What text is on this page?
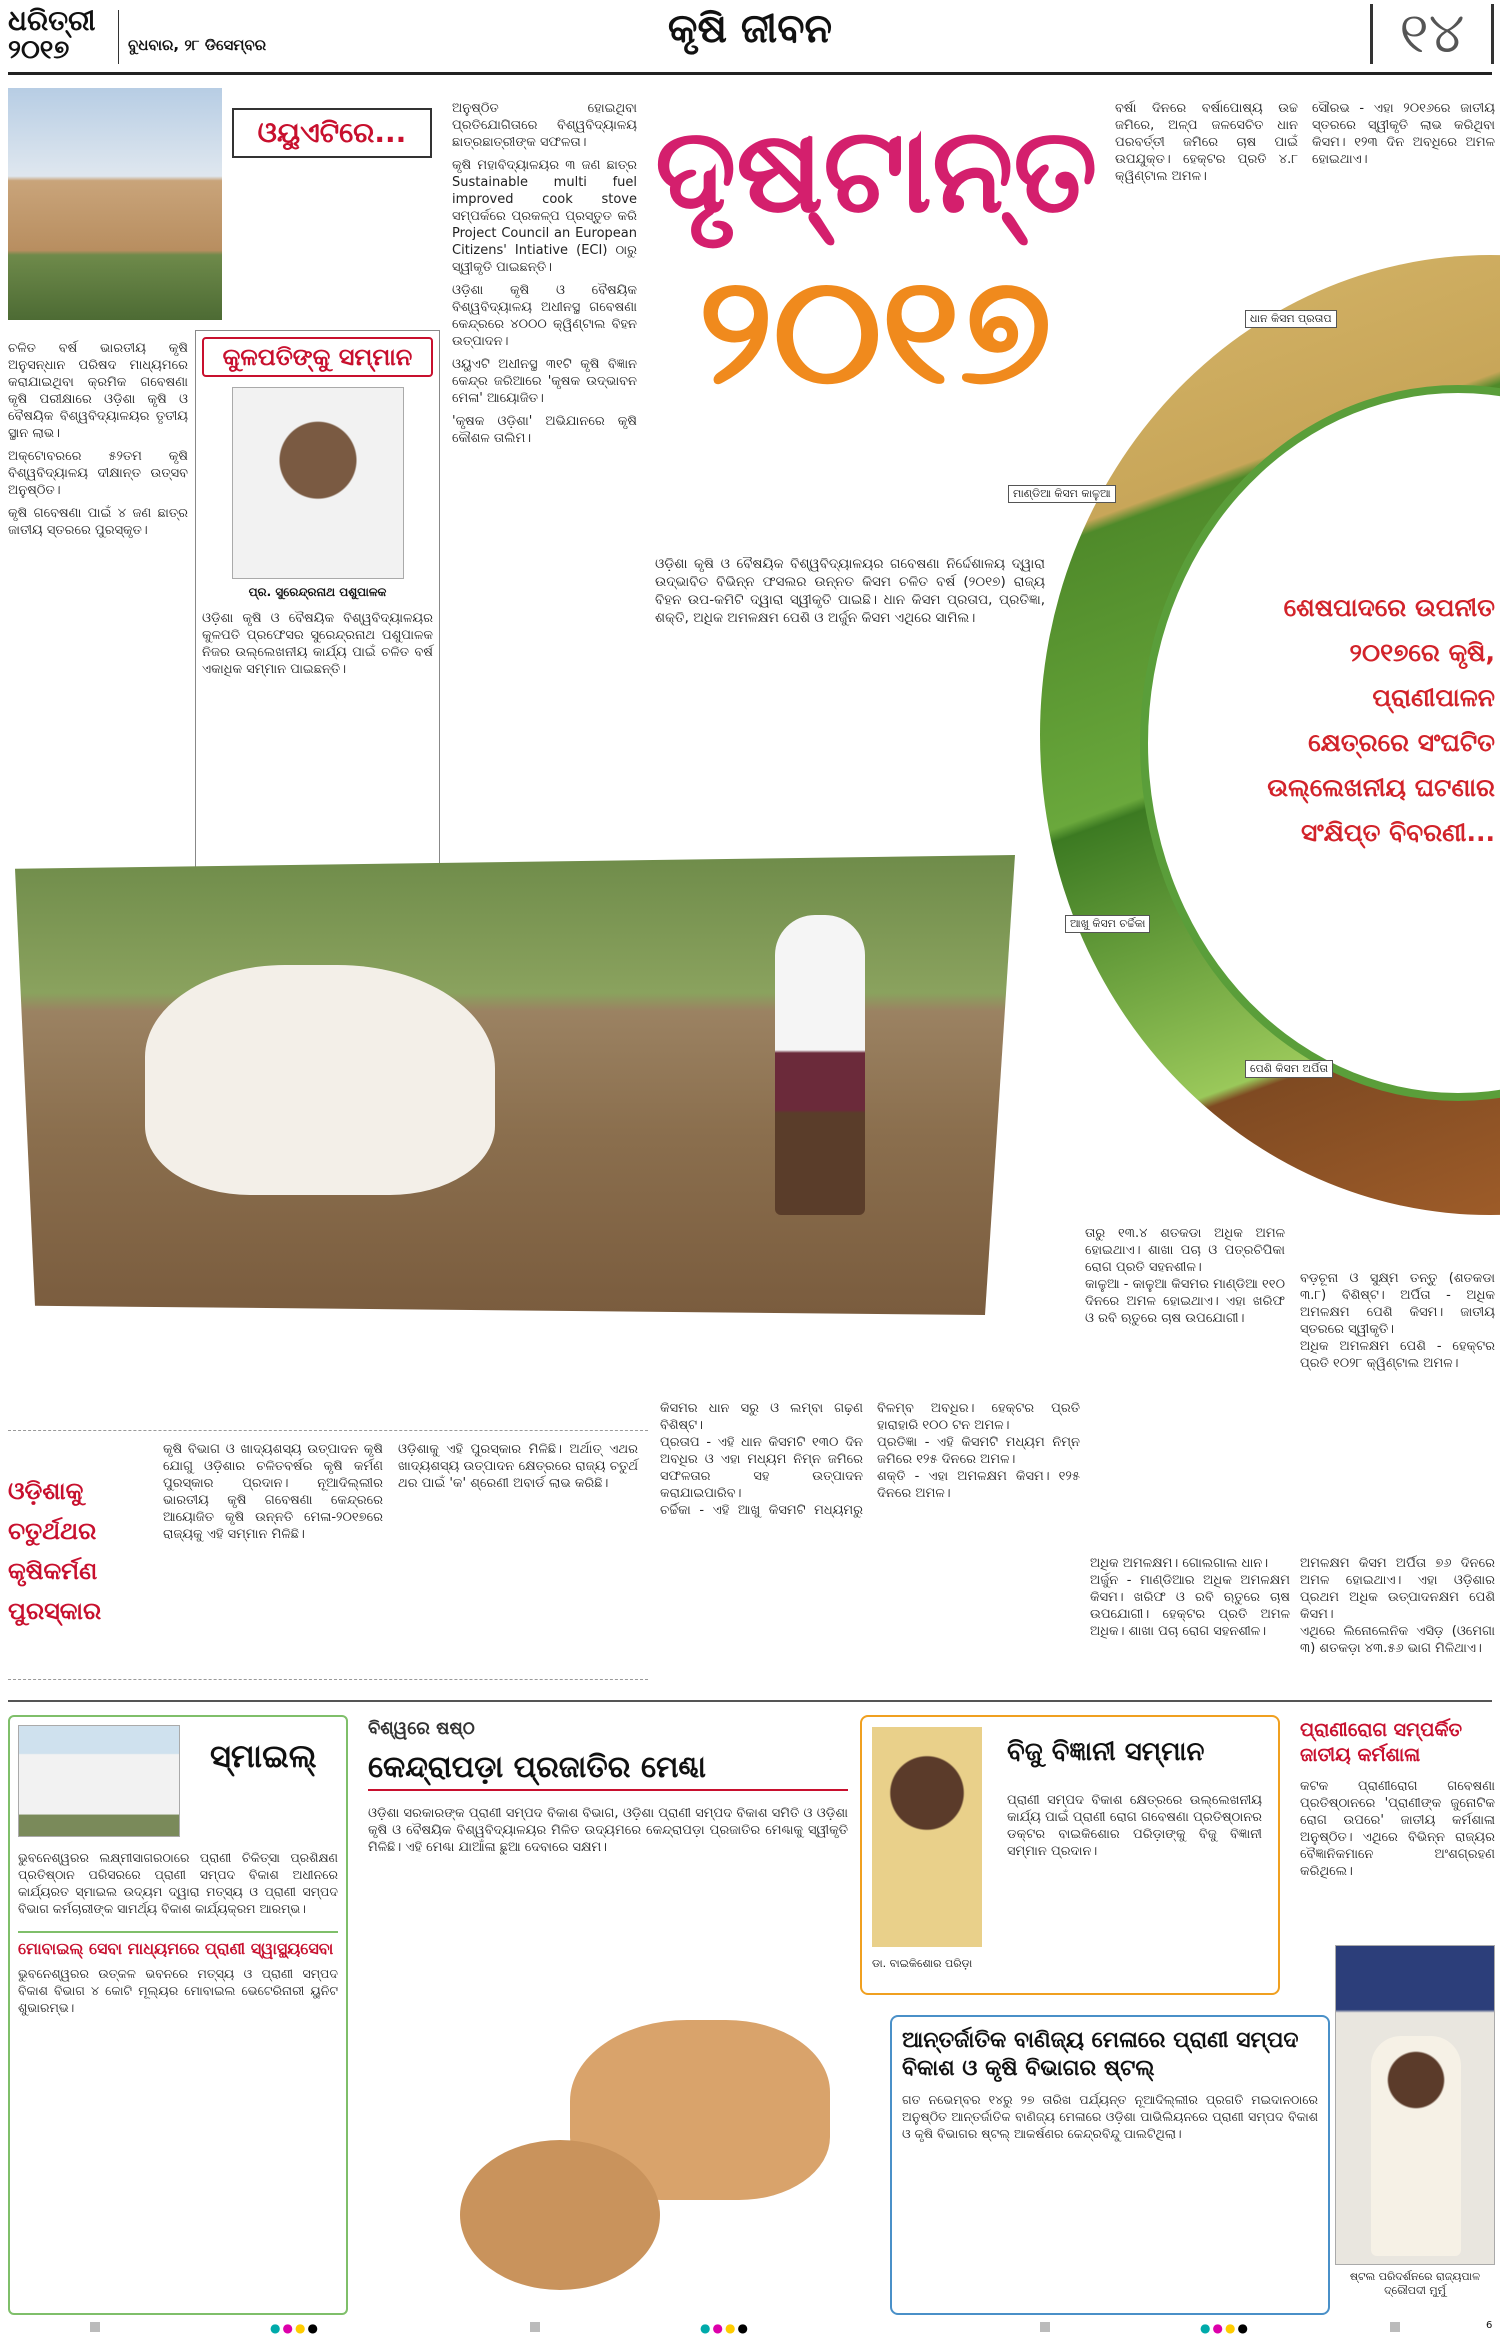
ଧରିତ୍ରୀ
୨୦୧୭	ବୁଧବାର, ୨୮ ଡିସେମ୍ବର	କୃଷି ଜୀବନ	୧୪
ଓୟୁଏଟିରେ...

ଚଳିତ ବର୍ଷ ଭାରତୀୟ କୃଷି ଅନୁସନ୍ଧାନ ପରିଷଦ ମାଧ୍ୟମରେ କରାଯାଇଥିବା କ୍ରମିକ ଗବେଷଣା କୃଷି ପରୀକ୍ଷାରେ ଓଡ଼ିଶା କୃଷି ଓ ବୈଷୟିକ ବିଶ୍ୱବିଦ୍ୟାଳୟର ତୃତୀୟ ସ୍ଥାନ ଲାଭ।

ଅକ୍ଟୋବରରେ ୫୨ତମ କୃଷି ବିଶ୍ୱବିଦ୍ୟାଳୟ ଦୀକ୍ଷାନ୍ତ ଉତ୍ସବ ଅନୁଷ୍ଠିତ।

କୃଷି ଗବେଷଣା ପାଇଁ ୪ ଜଣ ଛାତ୍ର ଜାତୀୟ ସ୍ତରରେ ପୁରସ୍କୃତ।

କୁଳପତିଙ୍କୁ ସମ୍ମାନ
ପ୍ର. ସୁରେନ୍ଦ୍ରନାଥ ପଶୁପାଳକ
ଓଡ଼ିଶା କୃଷି ଓ ବୈଷୟିକ ବିଶ୍ୱବିଦ୍ୟାଳୟର କୁଳପତି ପ୍ରଫେସର ସୁରେନ୍ଦ୍ରନାଥ ପଶୁପାଳକ ନିଜର ଉଲ୍ଲେଖନୀୟ କାର୍ଯ୍ୟ ପାଇଁ ଚଳିତ ବର୍ଷ ଏକାଧିକ ସମ୍ମାନ ପାଇଛନ୍ତି।

ଅନୁଷ୍ଠିତ ହୋଇଥିବା ପ୍ରତିଯୋଗିତାରେ ବିଶ୍ୱବିଦ୍ୟାଳୟ ଛାତ୍ରଛାତ୍ରୀଙ୍କ ସଫଳତା।

କୃଷି ମହାବିଦ୍ୟାଳୟର ୩ ଜଣ ଛାତ୍ର Sustainable multi fuel improved cook stove ସମ୍ପର୍କରେ ପ୍ରକଳ୍ପ ପ୍ରସ୍ତୁତ କରି Project Council an European Citizens' Intiative (ECI) ଠାରୁ ସ୍ୱୀକୃତି ପାଇଛନ୍ତି।

ଓଡ଼ିଶା କୃଷି ଓ ବୈଷୟିକ ବିଶ୍ୱବିଦ୍ୟାଳୟ ଅଧୀନସ୍ଥ ଗବେଷଣା କେନ୍ଦ୍ରରେ ୪୦୦୦ କ୍ୱିଣ୍ଟାଲ ବିହନ ଉତ୍ପାଦନ।

ଓୟୁଏଟି ଅଧୀନସ୍ଥ ୩୧ଟି କୃଷି ବିଜ୍ଞାନ କେନ୍ଦ୍ର ଜରିଆରେ 'କୃଷକ ଉଦ୍ଭାବନ ମେଳା' ଆୟୋଜିତ।

'କୃଷକ ଓଡ଼ିଶା' ଅଭିଯାନରେ କୃଷି କୌଶଳ ତାଲିମ।

ଦୃଷ୍ଟାନ୍ତ
୨୦୧୭
ଓଡ଼ିଶା କୃଷି ଓ ବୈଷୟିକ ବିଶ୍ୱବିଦ୍ୟାଳୟର ଗବେଷଣା ନିର୍ଦ୍ଦେଶାଳୟ ଦ୍ୱାରା ଉଦ୍ଭାବିତ ବିଭିନ୍ନ ଫସଲର ଉନ୍ନତ କିସମ ଚଳିତ ବର୍ଷ (୨୦୧୭) ରାଜ୍ୟ ବିହନ ଉପ-କମିଟି ଦ୍ୱାରା ସ୍ୱୀକୃତି ପାଇଛି। ଧାନ କିସମ ପ୍ରତାପ, ପ୍ରତିଜ୍ଞା, ଶକ୍ତି, ଅଧିକ ଅମଳକ୍ଷମ ପେଶି ଓ ଅର୍ଜୁନ କିସମ ଏଥିରେ ସାମିଲ।

ବର୍ଷା ଦିନରେ ବର୍ଷାପୋଷ୍ୟ ଉଚ୍ଚ ଜମିରେ, ଅଳ୍ପ ଜଳସେଚିତ ଧାନ ପରବର୍ତ୍ତୀ ଜମିରେ ଚାଷ ପାଇଁ ଉପଯୁକ୍ତ। ହେକ୍ଟର ପ୍ରତି ୪.୮ କ୍ୱିଣ୍ଟାଲ ଅମଳ।

ସୌରଭ - ଏହା ୨୦୧୬ରେ ଜାତୀୟ ସ୍ତରରେ ସ୍ୱୀକୃତି ଲାଭ କରିଥିବା କିସମ। ୧୨୩ ଦିନ ଅବଧିରେ ଅମଳ ହୋଇଥାଏ।

ଧାନ କିସମ ପ୍ରତାପ
ମାଣ୍ଡିଆ କିସମ କାଳୁଆ
ଆଖୁ କିସମ ଚର୍ଚ୍ଚିକା
ପେଶି କିସମ ଅର୍ପିତା
ଶେଷପାଦରେ ଉପନୀତ ୨୦୧୭ରେ କୃଷି, ପ୍ରାଣୀପାଳନ କ୍ଷେତ୍ରରେ ସଂଘଟିତ ଉଲ୍ଲେଖନୀୟ ଘଟଣାର ସଂକ୍ଷିପ୍ତ ବିବରଣୀ...
ତାରୁ ୧୩.୪ ଶତକଡା ଅଧିକ ଅମଳ ହୋଇଥାଏ। ଶାଖା ପଚା ଓ ପତ୍ରଚିପିକା ରୋଗ ପ୍ରତି ସହନଶୀଳ।
କାଳୁଆ - କାଳୁଆ କିସମର ମାଣ୍ଡିଆ ୧୧୦ ଦିନରେ ଅମଳ ହୋଇଥାଏ। ଏହା ଖରିଫ ଓ ରବି ଋତୁରେ ଚାଷ ଉପଯୋଗୀ।
ବଡ଼ଚୂନା ଓ ସୁକ୍ଷ୍ମ ତନ୍ତୁ (ଶତକଡା ୩.୮) ବିଶିଷ୍ଟ। ଅର୍ପିତା - ଅଧିକ ଅମଳକ୍ଷମ ପେଶି କିସମ। ଜାତୀୟ ସ୍ତରରେ ସ୍ୱୀକୃତି।
ଅଧିକ ଅମଳକ୍ଷମ ପେଶି - ହେକ୍ଟର ପ୍ରତି ୧୦୨୮ କ୍ୱିଣ୍ଟାଲ ଅମଳ।
ଓଡ଼ିଶାକୁ ଚତୁର୍ଥଥର କୃଷିକର୍ମଣ ପୁରସ୍କାର
କୃଷି ବିଭାଗ ଓ ଖାଦ୍ୟଶସ୍ୟ ଉତ୍ପାଦନ କୃଷି ଯୋଗୁ ଓଡ଼ିଶାର ଚଳିତବର୍ଷର କୃଷି କର୍ମଣ ପୁରସ୍କାର ପ୍ରଦାନ। ନୂଆଦିଲ୍ଲୀର ଭାରତୀୟ କୃଷି ଗବେଷଣା କେନ୍ଦ୍ରରେ ଆୟୋଜିତ କୃଷି ଉନ୍ନତି ମେଳା-୨୦୧୭ରେ ରାଜ୍ୟକୁ ଏହି ସମ୍ମାନ ମିଳିଛି।
ଓଡ଼ିଶାକୁ ଏହି ପୁରସ୍କାର ମିଳିଛି। ଅର୍ଥାତ୍ ଏଥର ଖାଦ୍ୟଶସ୍ୟ ଉତ୍ପାଦନ କ୍ଷେତ୍ରରେ ରାଜ୍ୟ ଚତୁର୍ଥ ଥର ପାଇଁ 'କ' ଶ୍ରେଣୀ ଅବାର୍ଡ ଲାଭ କରିଛି।
କିସମର ଧାନ ସରୁ ଓ ଲମ୍ବା ଗଢ଼ଣ ବିଶିଷ୍ଟ।
ପ୍ରତାପ - ଏହି ଧାନ କିସମଟି ୧୩୦ ଦିନ ଅବଧିର ଓ ଏହା ମଧ୍ୟମ ନିମ୍ନ ଜମିରେ ସଫଳତାର ସହ ଉତ୍ପାଦନ କରାଯାଇପାରିବ।
ଚର୍ଚ୍ଚିକା - ଏହି ଆଖୁ କିସମଟି ମଧ୍ୟମରୁ ବିଳମ୍ବ ଅବଧିର। ହେକ୍ଟର ପ୍ରତି ହାରାହାରି ୧୦୦ ଟନ ଅମଳ।
ପ୍ରତିଜ୍ଞା - ଏହି କିସମଟି ମଧ୍ୟମ ନିମ୍ନ ଜମିରେ ୧୨୫ ଦିନରେ ଅମଳ।
ଶକ୍ତି - ଏହା ଅମଳକ୍ଷମ କିସମ। ୧୨୫ ଦିନରେ ଅମଳ।
ଅଧିକ ଅମଳକ୍ଷମ। ଗୋଲଗାଲ ଧାନ।
ଅର୍ଜୁନ - ମାଣ୍ଡିଆର ଅଧିକ ଅମଳକ୍ଷମ କିସମ। ଖରିଫ ଓ ରବି ଋତୁରେ ଚାଷ ଉପଯୋଗୀ। ହେକ୍ଟର ପ୍ରତି ଅମଳ ଅଧିକ। ଶାଖା ପଚା ରୋଗ ସହନଶୀଳ।
ଅମଳକ୍ଷମ କିସମ ଅର୍ପିତା ୭୬ ଦିନରେ ଅମଳ ହୋଇଥାଏ। ଏହା ଓଡ଼ିଶାର ପ୍ରଥମ ଅଧିକ ଉତ୍ପାଦନକ୍ଷମ ପେଶି କିସମ।
ଏଥିରେ ଲିନୋଲେନିକ ଏସିଡ଼ (ଓମେଗା ୩) ଶତକଡ଼ା ୪୩.୫୬ ଭାଗ ମିଳିଥାଏ।
ସ୍ମାଇଲ୍
ଭୁବନେଶ୍ୱରର ଲକ୍ଷ୍ମୀସାଗରଠାରେ ପ୍ରାଣୀ ଚିକିତ୍ସା ପ୍ରଶିକ୍ଷଣ ପ୍ରତିଷ୍ଠାନ ପରିସରରେ ପ୍ରାଣୀ ସମ୍ପଦ ବିକାଶ ଅଧୀନରେ କାର୍ଯ୍ୟରତ ସ୍ମାଇଲ ଉଦ୍ୟମ ଦ୍ୱାରା ମତ୍ସ୍ୟ ଓ ପ୍ରାଣୀ ସମ୍ପଦ ବିଭାଗ କର୍ମଚାରୀଙ୍କ ସାମର୍ଥ୍ୟ ବିକାଶ କାର୍ଯ୍ୟକ୍ରମ ଆରମ୍ଭ।
ମୋବାଇଲ୍ ସେବା ମାଧ୍ୟମରେ ପ୍ରାଣୀ ସ୍ୱାସ୍ଥ୍ୟସେବା
ଭୁବନେଶ୍ୱରର ଉତ୍କଳ ଭବନରେ ମତ୍ସ୍ୟ ଓ ପ୍ରାଣୀ ସମ୍ପଦ ବିକାଶ ବିଭାଗ ୪ କୋଟି ମୂଲ୍ୟର ମୋବାଇଲ ଭେଟେରିନାରୀ ୟୁନିଟ ଶୁଭାରମ୍ଭ।
ବିଶ୍ୱରେ ଷଷ୍ଠ
କେନ୍ଦ୍ରାପଡ଼ା ପ୍ରଜାତିର ମେଣ୍ଢା
ଓଡ଼ିଶା ସରକାରଙ୍କ ପ୍ରାଣୀ ସମ୍ପଦ ବିକାଶ ବିଭାଗ, ଓଡ଼ିଶା ପ୍ରାଣୀ ସମ୍ପଦ ବିକାଶ ସମିତି ଓ ଓଡ଼ିଶା କୃଷି ଓ ବୈଷୟିକ ବିଶ୍ୱବିଦ୍ୟାଳୟର ମିଳିତ ଉଦ୍ୟମରେ କେନ୍ଦ୍ରାପଡ଼ା ପ୍ରଜାତିର ମେଣ୍ଢାକୁ ସ୍ୱୀକୃତି ମିଳିଛି। ଏହି ମେଣ୍ଢା ଯାଆଁଳା ଛୁଆ ଦେବାରେ ସକ୍ଷମ।
ଡା. ବାଇକିଶୋର ପରିଡ଼ା
ବିଜୁ ବିଜ୍ଞାନୀ ସମ୍ମାନ
ପ୍ରାଣୀ ସମ୍ପଦ ବିକାଶ କ୍ଷେତ୍ରରେ ଉଲ୍ଲେଖନୀୟ କାର୍ଯ୍ୟ ପାଇଁ ପ୍ରାଣୀ ରୋଗ ଗବେଷଣା ପ୍ରତିଷ୍ଠାନର ଡକ୍ଟର ବାଇକିଶୋର ପରିଡ଼ାଙ୍କୁ ବିଜୁ ବିଜ୍ଞାନୀ ସମ୍ମାନ ପ୍ରଦାନ।
ପ୍ରାଣୀରୋଗ ସମ୍ପର୍କିତ ଜାତୀୟ କର୍ମଶାଳା
କଟକ ପ୍ରାଣୀରୋଗ ଗବେଷଣା ପ୍ରତିଷ୍ଠାନରେ 'ପ୍ରାଣୀଙ୍କ ଜୁନୋଟିକ ରୋଗ ଉପରେ' ଜାତୀୟ କର୍ମଶାଳା ଅନୁଷ୍ଠିତ। ଏଥିରେ ବିଭିନ୍ନ ରାଜ୍ୟର ବୈଜ୍ଞାନିକମାନେ ଅଂଶଗ୍ରହଣ କରିଥିଲେ।
ଆନ୍ତର୍ଜାତିକ ବାଣିଜ୍ୟ ମେଳାରେ ପ୍ରାଣୀ ସମ୍ପଦ ବିକାଶ ଓ କୃଷି ବିଭାଗର ଷ୍ଟଲ୍
ଗତ ନଭେମ୍ବର ୧୪ରୁ ୨୭ ତାରିଖ ପର୍ଯ୍ୟନ୍ତ ନୂଆଦିଲ୍ଲୀର ପ୍ରଗତି ମଇଦାନଠାରେ ଅନୁଷ୍ଠିତ ଆନ୍ତର୍ଜାତିକ ବାଣିଜ୍ୟ ମେଳାରେ ଓଡ଼ିଶା ପାଭିଲିୟନରେ ପ୍ରାଣୀ ସମ୍ପଦ ବିକାଶ ଓ କୃଷି ବିଭାଗର ଷ୍ଟଲ୍ ଆକର୍ଷଣର କେନ୍ଦ୍ରବିନ୍ଦୁ ପାଲଟିଥିଲା।
ଷ୍ଟଲ ପରିଦର୍ଶନରେ ରାଜ୍ୟପାଳ ଦ୍ରୌପଦୀ ମୁର୍ମୁ
●●●●	●●●●	●●●●	6
